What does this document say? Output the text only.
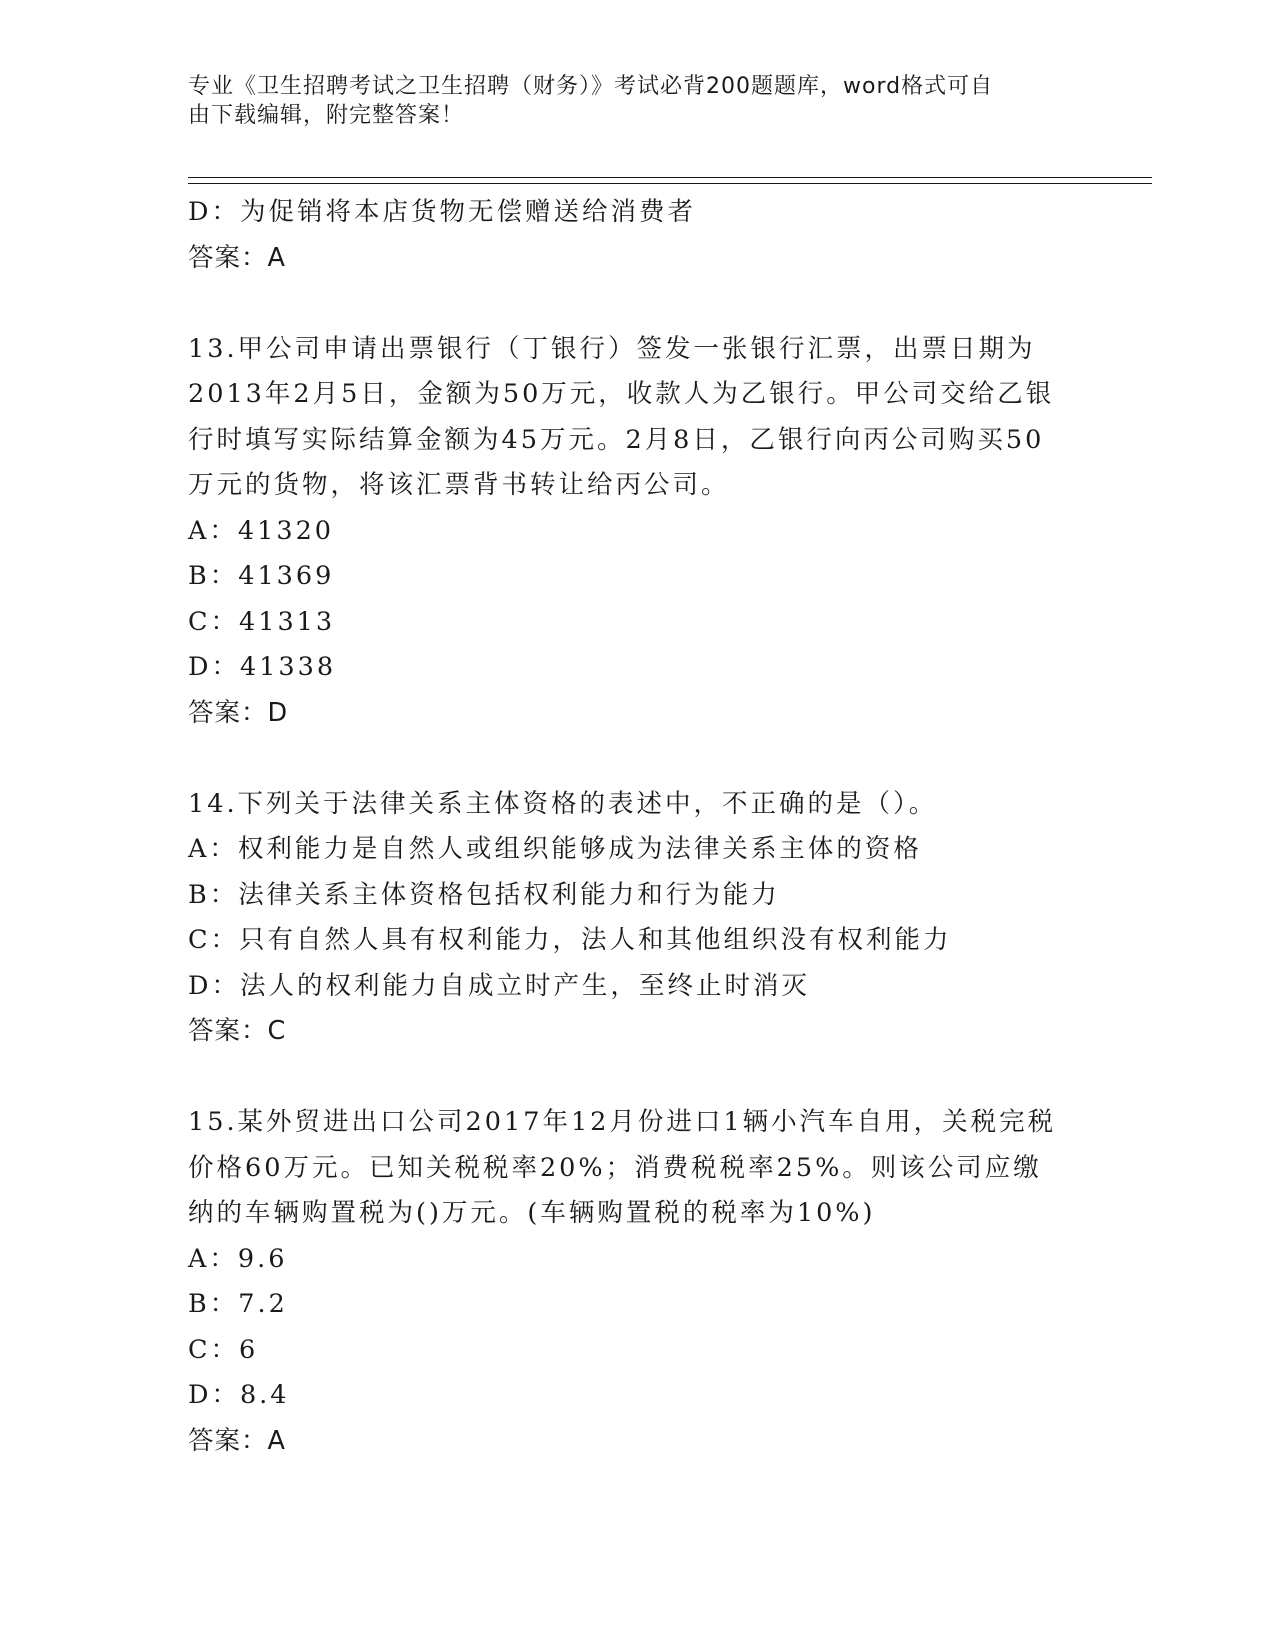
专业《卫生招聘考试之卫生招聘（财务）》考试必背200题题库，word格式可自
由下载编辑，附完整答案！
D：为促销将本店货物无偿赠送给消费者
答案：A
13.甲公司申请出票银行（丁银行）签发一张银行汇票，出票日期为
2013年2月5日，金额为50万元，收款人为乙银行。甲公司交给乙银
行时填写实际结算金额为45万元。2月8日，乙银行向丙公司购买50
万元的货物，将该汇票背书转让给丙公司。
A：41320
B：41369
C：41313
D：41338
答案：D
14.下列关于法律关系主体资格的表述中，不正确的是（）。
A：权利能力是自然人或组织能够成为法律关系主体的资格
B：法律关系主体资格包括权利能力和行为能力
C：只有自然人具有权利能力，法人和其他组织没有权利能力
D：法人的权利能力自成立时产生，至终止时消灭
答案：C
15.某外贸进出口公司2017年12月份进口1辆小汽车自用，关税完税
价格60万元。已知关税税率20%；消费税税率25%。则该公司应缴
纳的车辆购置税为()万元。(车辆购置税的税率为10%)
A：9.6
B：7.2
C：6
D：8.4
答案：A
